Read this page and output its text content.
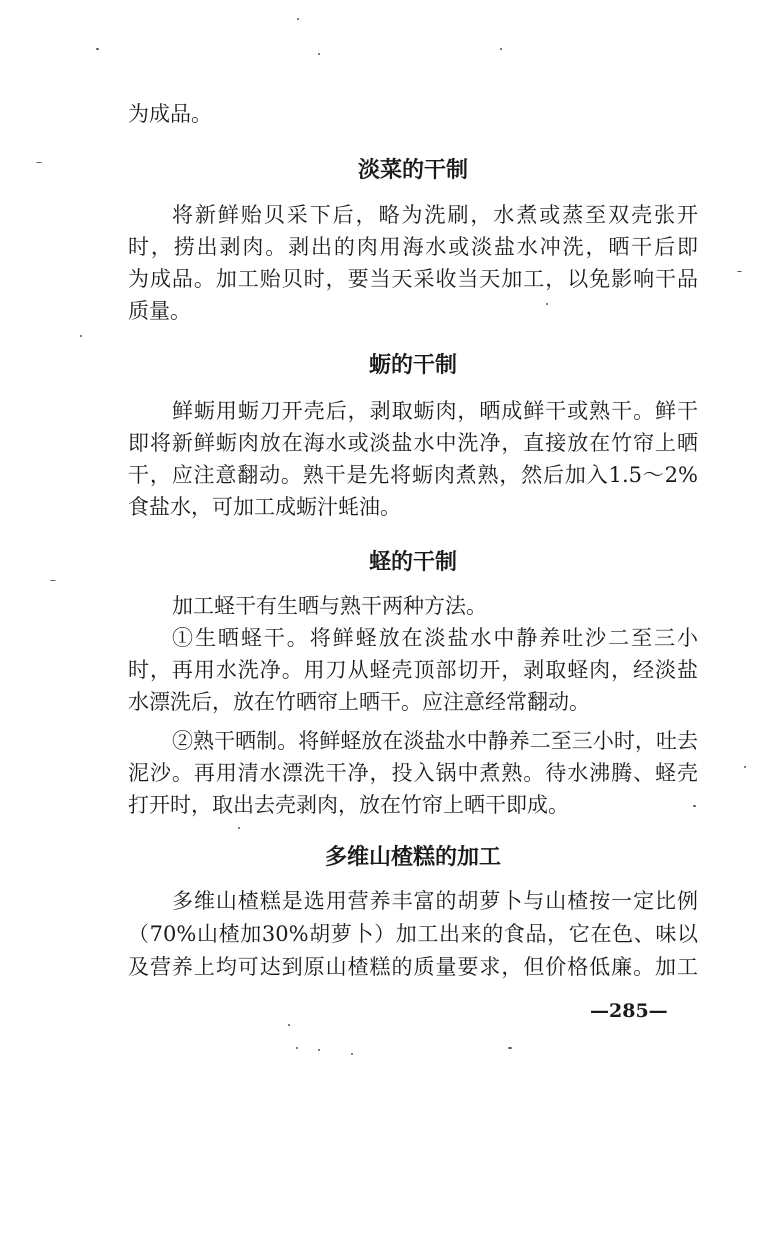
为成品。
淡菜的干制
将新鲜贻贝采下后，略为洗刷，水煮或蒸至双壳张开
时，捞出剥肉。剥出的肉用海水或淡盐水冲洗，晒干后即
为成品。加工贻贝时，要当天采收当天加工，以免影响干品
质量。
蛎的干制
鲜蛎用蛎刀开壳后，剥取蛎肉，晒成鲜干或熟干。鲜干
即将新鲜蛎肉放在海水或淡盐水中洗净，直接放在竹帘上晒
干，应注意翻动。熟干是先将蛎肉煮熟，然后加入1.5～2%
食盐水，可加工成蛎汁蚝油。
蛏的干制
加工蛏干有生晒与熟干两种方法。
①生晒蛏干。将鲜蛏放在淡盐水中静养吐沙二至三小
时，再用水洗净。用刀从蛏壳顶部切开，剥取蛏肉，经淡盐
水漂洗后，放在竹晒帘上晒干。应注意经常翻动。
②熟干晒制。将鲜蛏放在淡盐水中静养二至三小时，吐去
泥沙。再用清水漂洗干净，投入锅中煮熟。待水沸腾、蛏壳
打开时，取出去壳剥肉，放在竹帘上晒干即成。
多维山楂糕的加工
多维山楂糕是选用营养丰富的胡萝卜与山楂按一定比例
（70%山楂加30%胡萝卜）加工出来的食品，它在色、味以
及营养上均可达到原山楂糕的质量要求，但价格低廉。加工
—285—
